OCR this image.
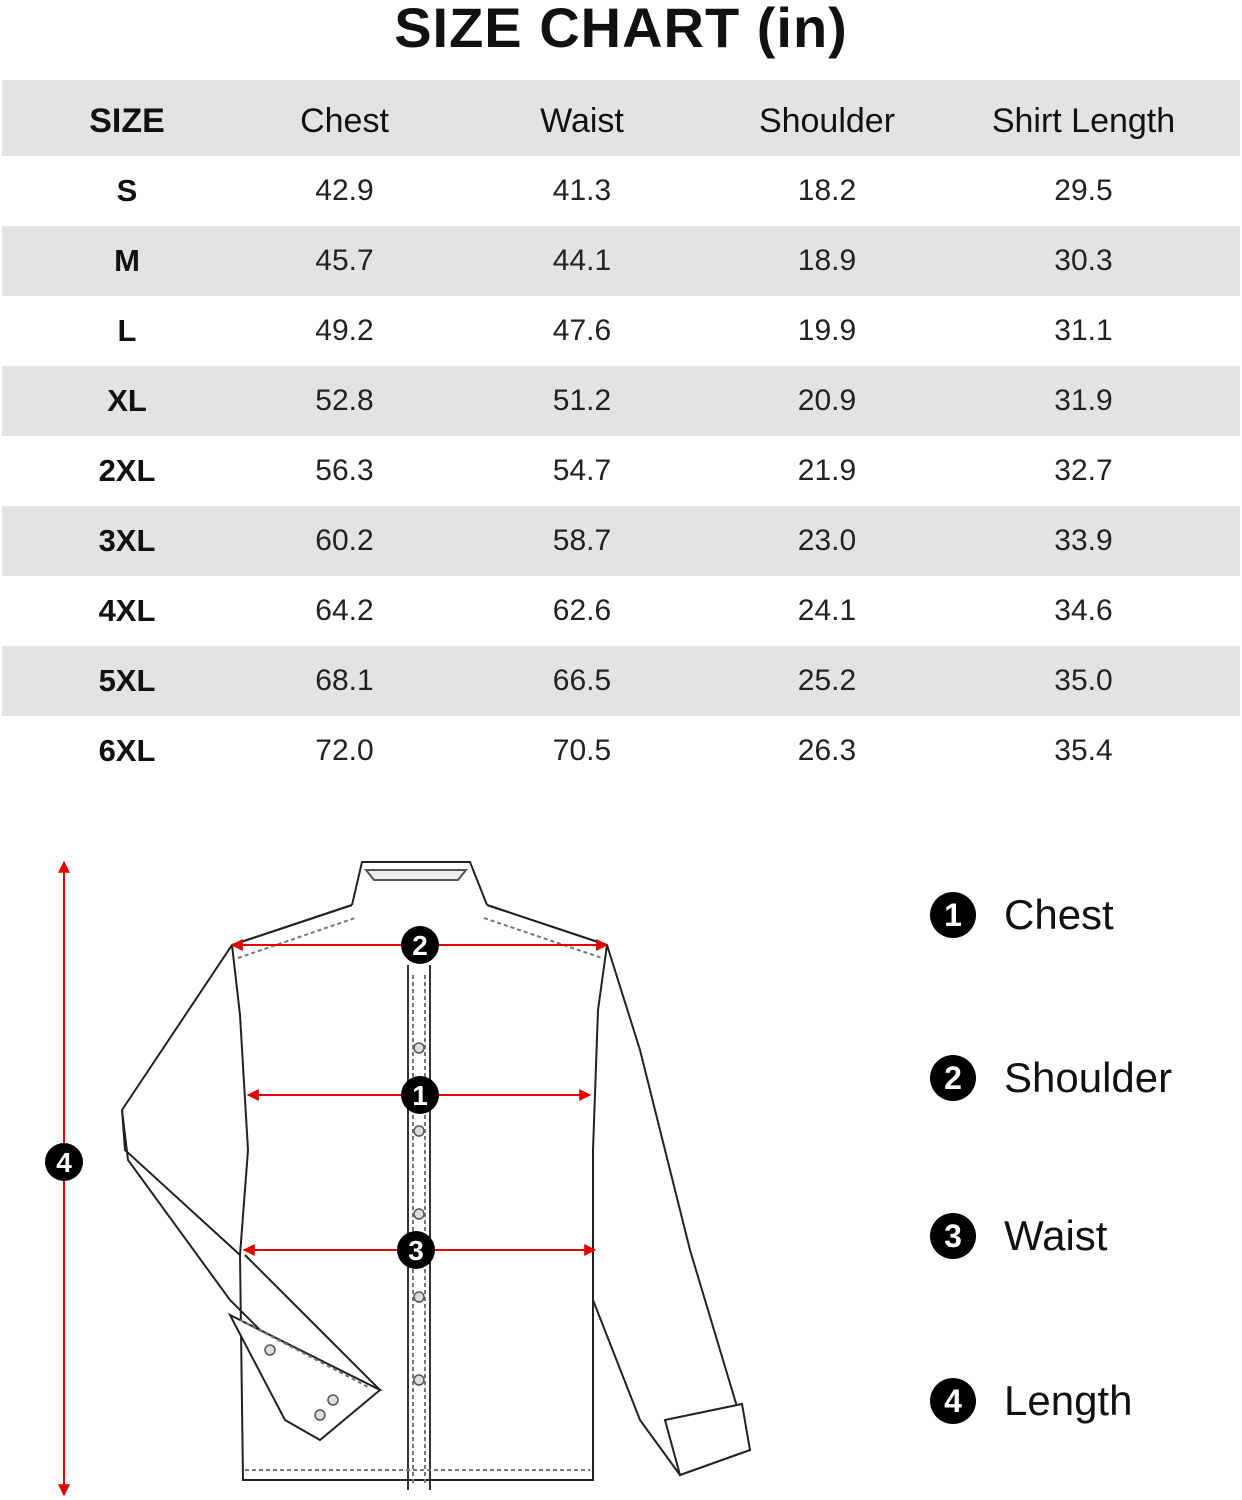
SIZE CHART (in)
SIZE	Chest	Waist	Shoulder	Shirt Length
S	42.9	41.3	18.2	29.5
M	45.7	44.1	18.9	30.3
L	49.2	47.6	19.9	31.1
XL	52.8	51.2	20.9	31.9
2XL	56.3	54.7	21.9	32.7
3XL	60.2	58.7	23.0	33.9
4XL	64.2	62.6	24.1	34.6
5XL	68.1	66.5	25.2	35.0
6XL	72.0	70.5	26.3	35.4
1
2
3
4
1	Chest
2	Shoulder
3	Waist
4	Length
